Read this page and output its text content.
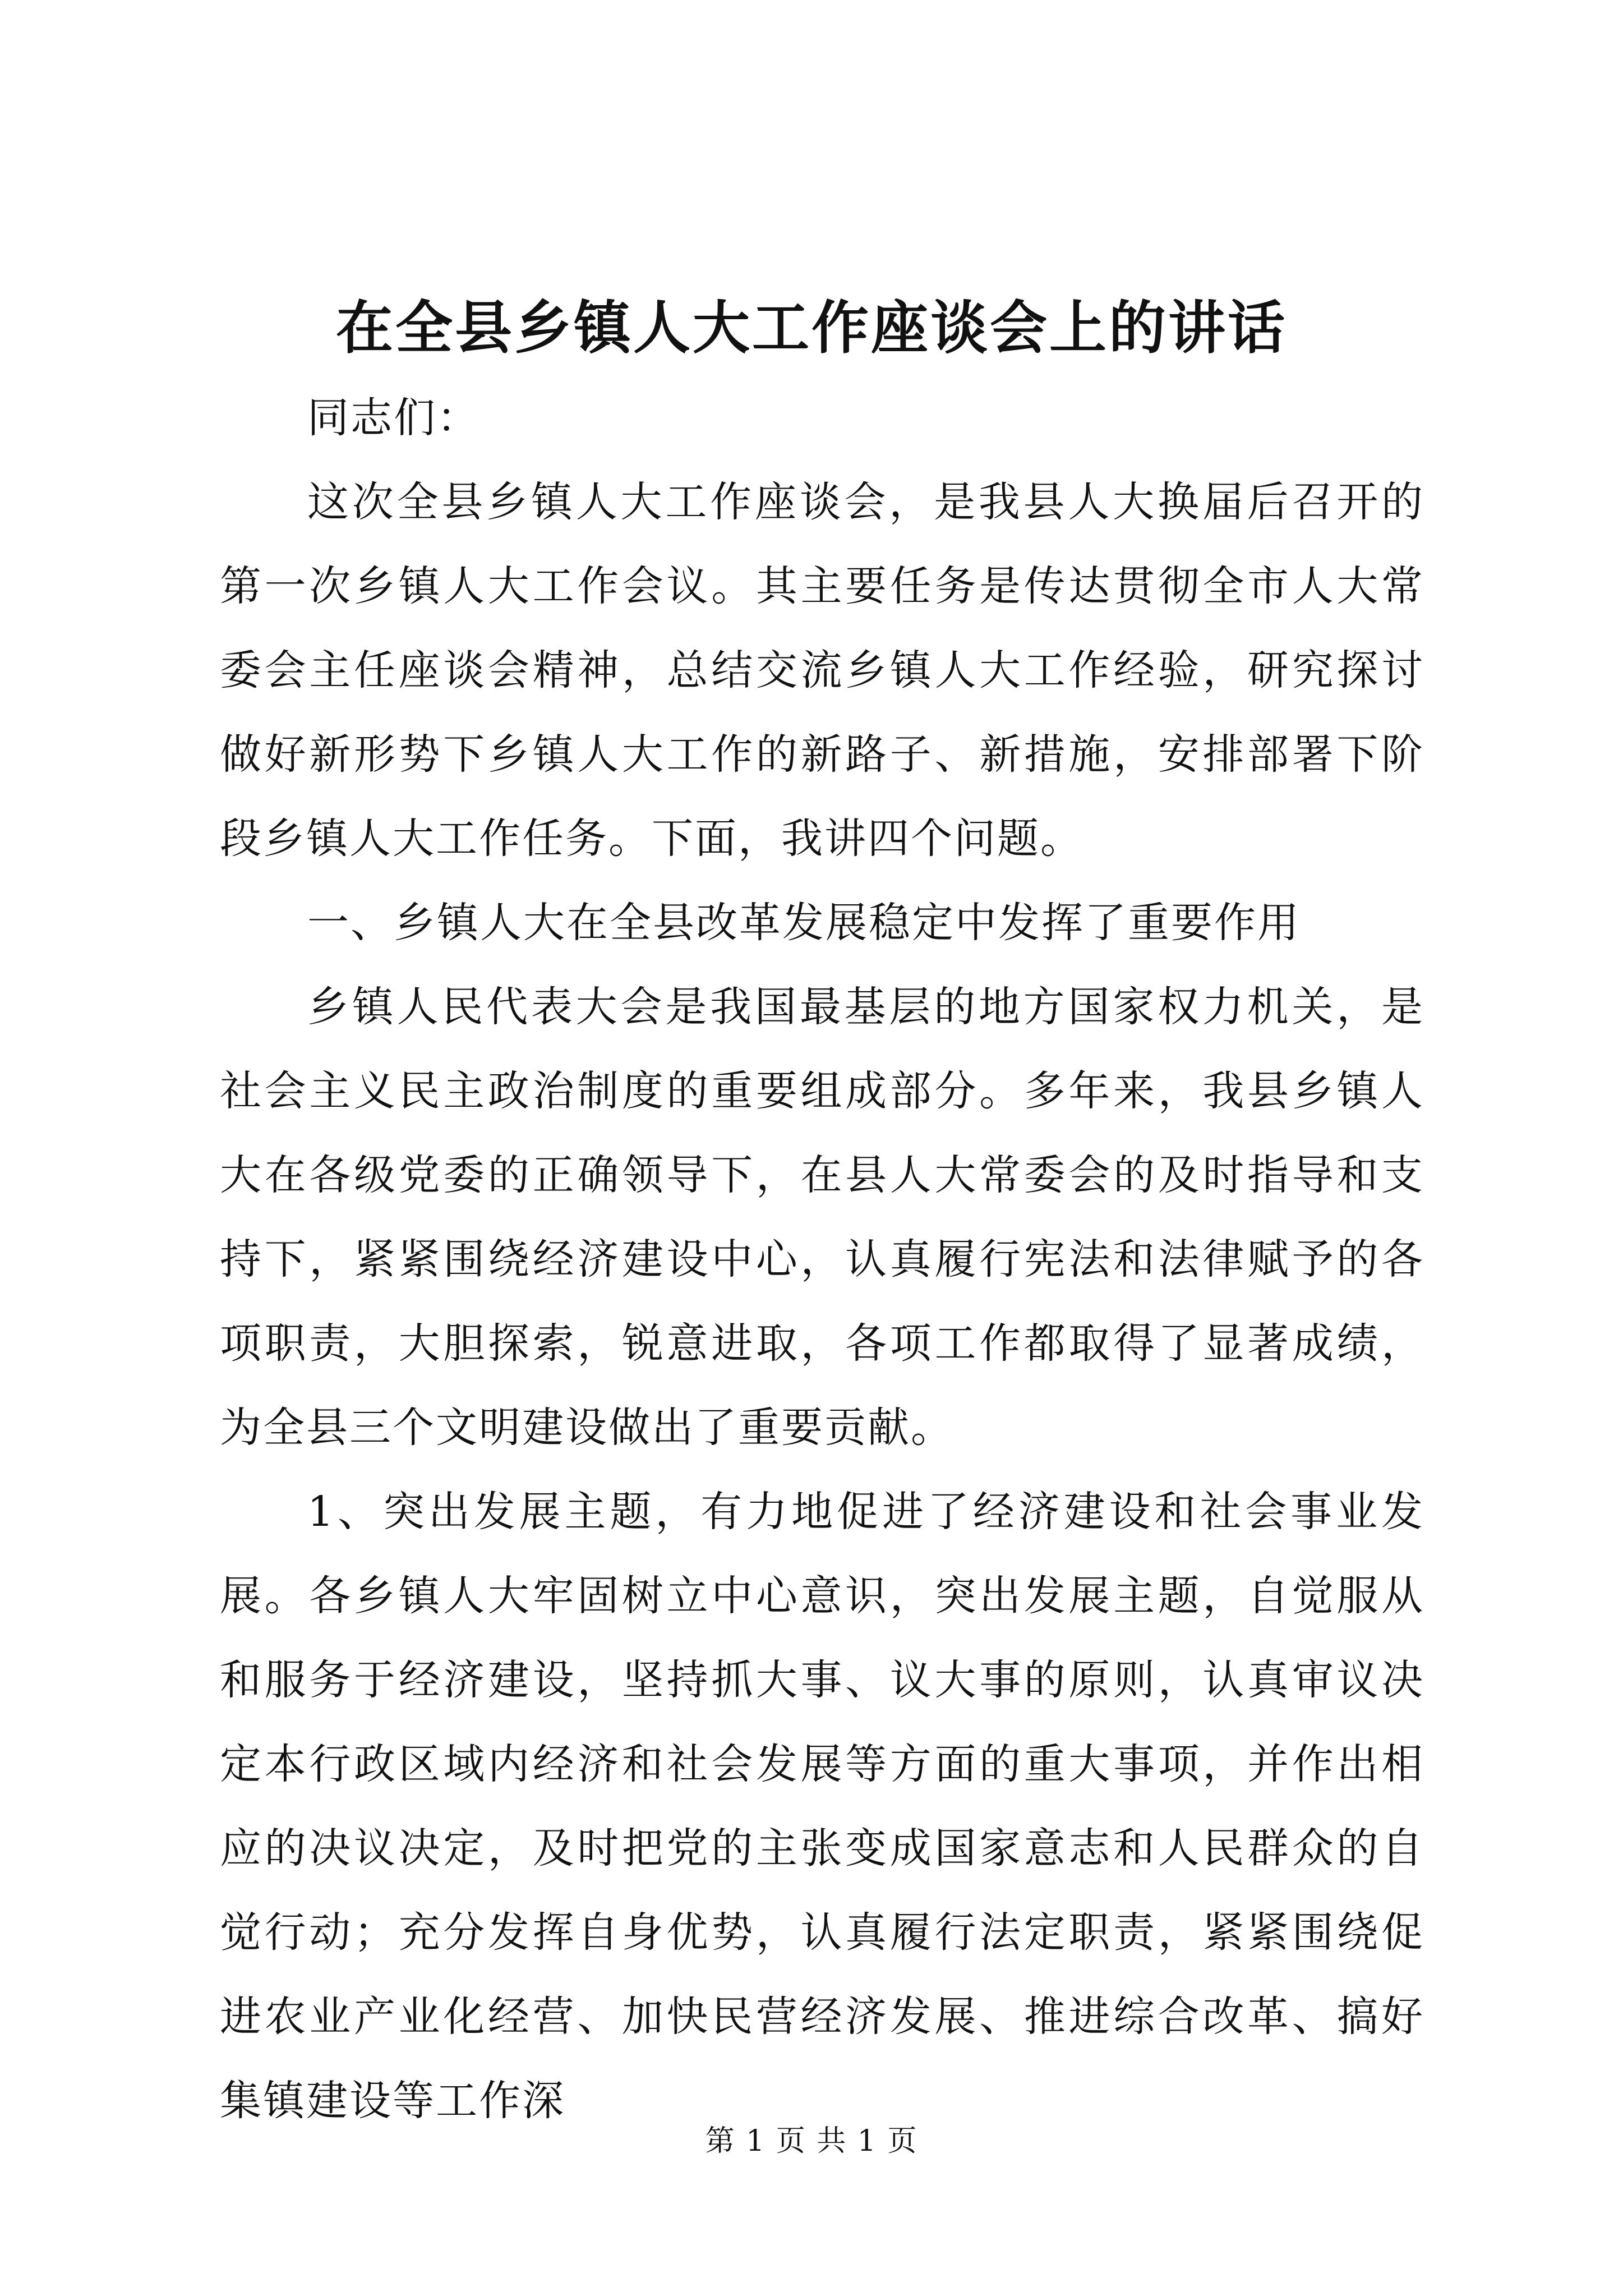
在全县乡镇人大工作座谈会上的讲话

同志们：

这次全县乡镇人大工作座谈会，是我县人大换届后召开的第一次乡镇人大工作会议。其主要任务是传达贯彻全市人大常委会主任座谈会精神，总结交流乡镇人大工作经验，研究探讨做好新形势下乡镇人大工作的新路子、新措施，安排部署下阶段乡镇人大工作任务。下面，我讲四个问题。

一、乡镇人大在全县改革发展稳定中发挥了重要作用

乡镇人民代表大会是我国最基层的地方国家权力机关，是社会主义民主政治制度的重要组成部分。多年来，我县乡镇人大在各级党委的正确领导下，在县人大常委会的及时指导和支持下，紧紧围绕经济建设中心，认真履行宪法和法律赋予的各项职责，大胆探索，锐意进取，各项工作都取得了显著成绩，为全县三个文明建设做出了重要贡献。

1、突出发展主题，有力地促进了经济建设和社会事业发展。各乡镇人大牢固树立中心意识，突出发展主题，自觉服从和服务于经济建设，坚持抓大事、议大事的原则，认真审议决定本行政区域内经济和社会发展等方面的重大事项，并作出相应的决议决定，及时把党的主张变成国家意志和人民群众的自觉行动；充分发挥自身优势，认真履行法定职责，紧紧围绕促进农业产业化经营、加快民营经济发展、推进综合改革、搞好集镇建设等工作深

第 1 页 共 1 页
